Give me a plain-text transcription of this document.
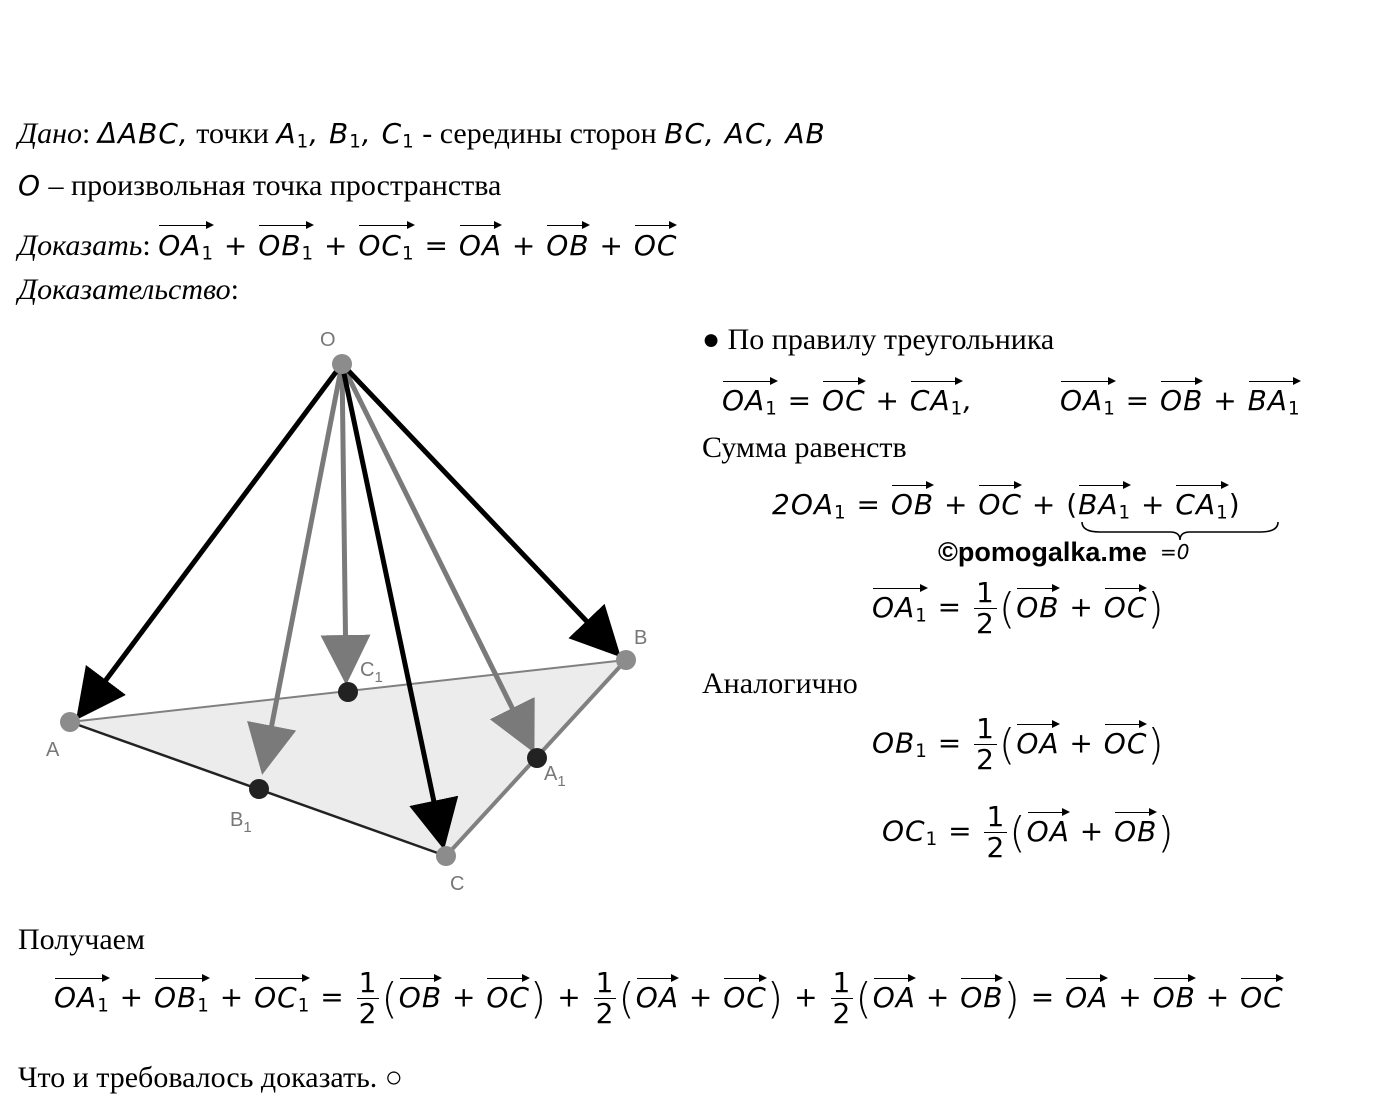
Дано: ΔABC, точки $A_1$, $B_1$, $C_1$ - середины сторон BC, AC, AB
O – произвольная точка пространства
Доказать: $OA_1 + OB_1 + OC_1$ = OA + OB + OC
Доказательство:
O
A
B
C
$C_1$
$B_1$
$A_1$
● По правилу треугольника
$OA_1$ = OC + $CA_1$,	$OA_1$ = OB + $BA_1$
Сумма равенств
$2OA_1$ = OB + OC + $(BA_1 + CA_1)$
©pomogalka.me =0
$OA_1 = \frac{1}{2} (OB + OC)$
Аналогично
$OB_1 = \frac{1}{2} (OA + OC)$
$OC_1 = \frac{1}{2} (OA + OB)$
Получаем
$OA_1 + OB_1 + OC_1 = \frac{1}{2} (OB + OC) + \frac{1}{2} (OA + OC) + \frac{1}{2} (OA + OB)$ = OA + OB + OC
Что и требовалось доказать. ○
